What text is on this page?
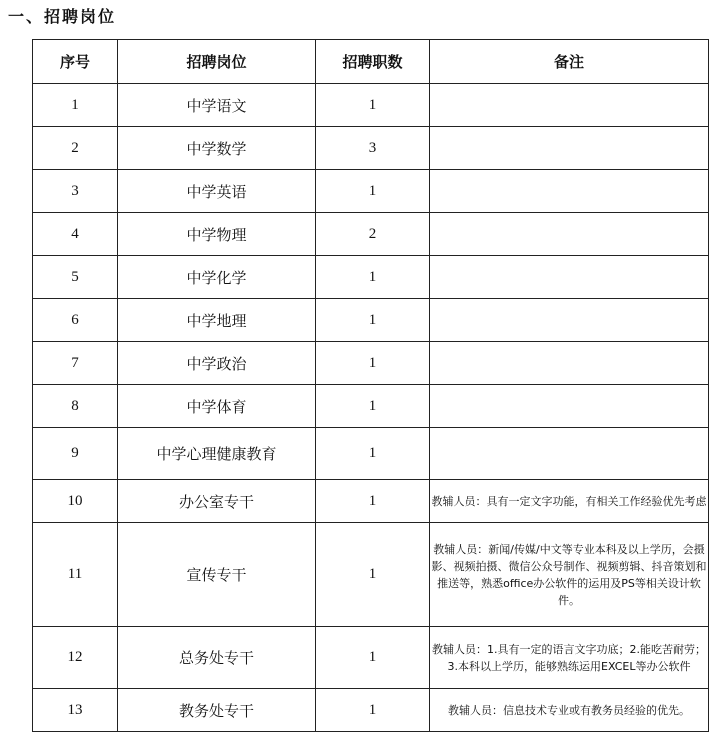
一、招聘岗位
序号	招聘岗位	招聘职数	备注
1	中学语文	1	
2	中学数学	3	
3	中学英语	1	
4	中学物理	2	
5	中学化学	1	
6	中学地理	1	
7	中学政治	1	
8	中学体育	1	
9	中学心理健康教育	1	
10	办公室专干	1	教辅人员：具有一定文字功能，有相关工作经验优先考虑
11	宣传专干	1	教辅人员：新闻/传媒/中文等专业本科及以上学历，会摄影、视频拍摄、微信公众号制作、视频剪辑、抖音策划和推送等，熟悉office办公软件的运用及PS等相关设计软件。
12	总务处专干	1	教辅人员：1.具有一定的语言文字功底；2.能吃苦耐劳；3.本科以上学历，能够熟练运用EXCEL等办公软件
13	教务处专干	1	教辅人员：信息技术专业或有教务员经验的优先。
